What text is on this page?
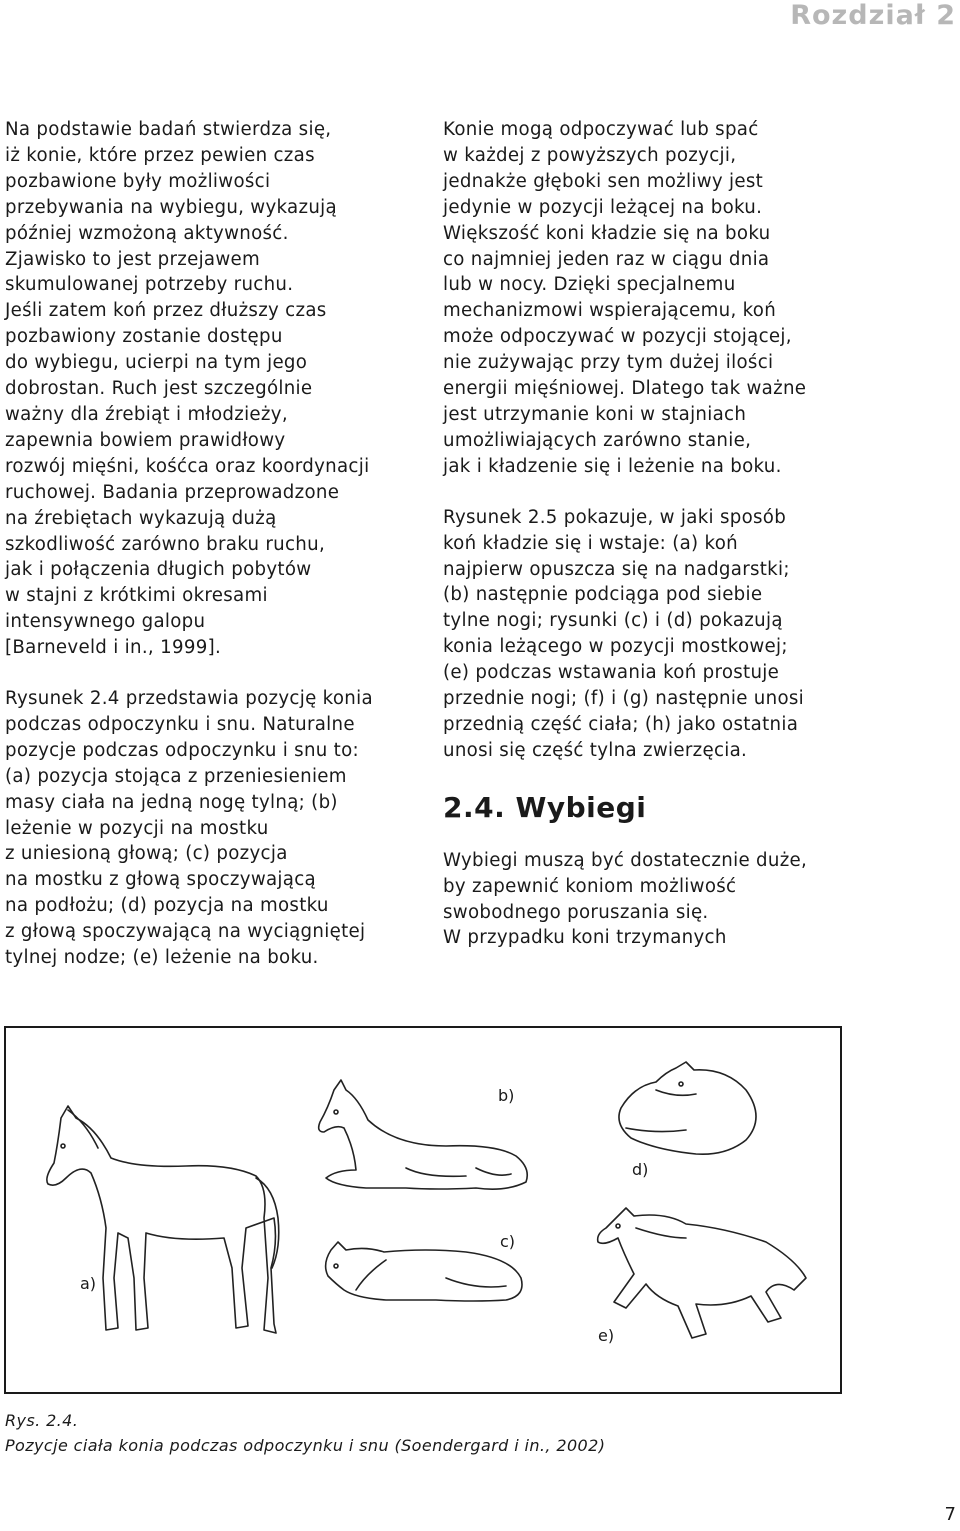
Rozdział 2
Na podstawie badań stwierdza się,
iż konie, które przez pewien czas
pozbawione były możliwości
przebywania na wybiegu, wykazują
później wzmożoną aktywność.
Zjawisko to jest przejawem
skumulowanej potrzeby ruchu.
Jeśli zatem koń przez dłuższy czas
pozbawiony zostanie dostępu
do wybiegu, ucierpi na tym jego
dobrostan. Ruch jest szczególnie
ważny dla źrebiąt i młodzieży,
zapewnia bowiem prawidłowy
rozwój mięśni, kośćca oraz koordynacji
ruchowej. Badania przeprowadzone
na źrebiętach wykazują dużą
szkodliwość zarówno braku ruchu,
jak i połączenia długich pobytów
w stajni z krótkimi okresami
intensywnego galopu
[Barneveld i in., 1999].
Rysunek 2.4 przedstawia pozycję konia
podczas odpoczynku i snu. Naturalne
pozycje podczas odpoczynku i snu to:
(a) pozycja stojąca z przeniesieniem
masy ciała na jedną nogę tylną; (b)
leżenie w pozycji na mostku
z uniesioną głową; (c) pozycja
na mostku z głową spoczywającą
na podłożu; (d) pozycja na mostku
z głową spoczywającą na wyciągniętej
tylnej nodze; (e) leżenie na boku.
Konie mogą odpoczywać lub spać
w każdej z powyższych pozycji,
jednakże głęboki sen możliwy jest
jedynie w pozycji leżącej na boku.
Większość koni kładzie się na boku
co najmniej jeden raz w ciągu dnia
lub w nocy. Dzięki specjalnemu
mechanizmowi wspierającemu, koń
może odpoczywać w pozycji stojącej,
nie zużywając przy tym dużej ilości
energii mięśniowej. Dlatego tak ważne
jest utrzymanie koni w stajniach
umożliwiających zarówno stanie,
jak i kładzenie się i leżenie na boku.
Rysunek 2.5 pokazuje, w jaki sposób
koń kładzie się i wstaje: (a) koń
najpierw opuszcza się na nadgarstki;
(b) następnie podciąga pod siebie
tylne nogi; rysunki (c) i (d) pokazują
konia leżącego w pozycji mostkowej;
(e) podczas wstawania koń prostuje
przednie nogi; (f) i (g) następnie unosi
przednią część ciała; (h) jako ostatnia
unosi się część tylna zwierzęcia.
2.4. Wybiegi
Wybiegi muszą być dostatecznie duże,
by zapewnić koniom możliwość
swobodnego poruszania się.
W przypadku koni trzymanych
a)
b)
c)
d)
e)
Rys. 2.4.
Pozycje ciała konia podczas odpoczynku i snu (Soendergard i in., 2002)
7
